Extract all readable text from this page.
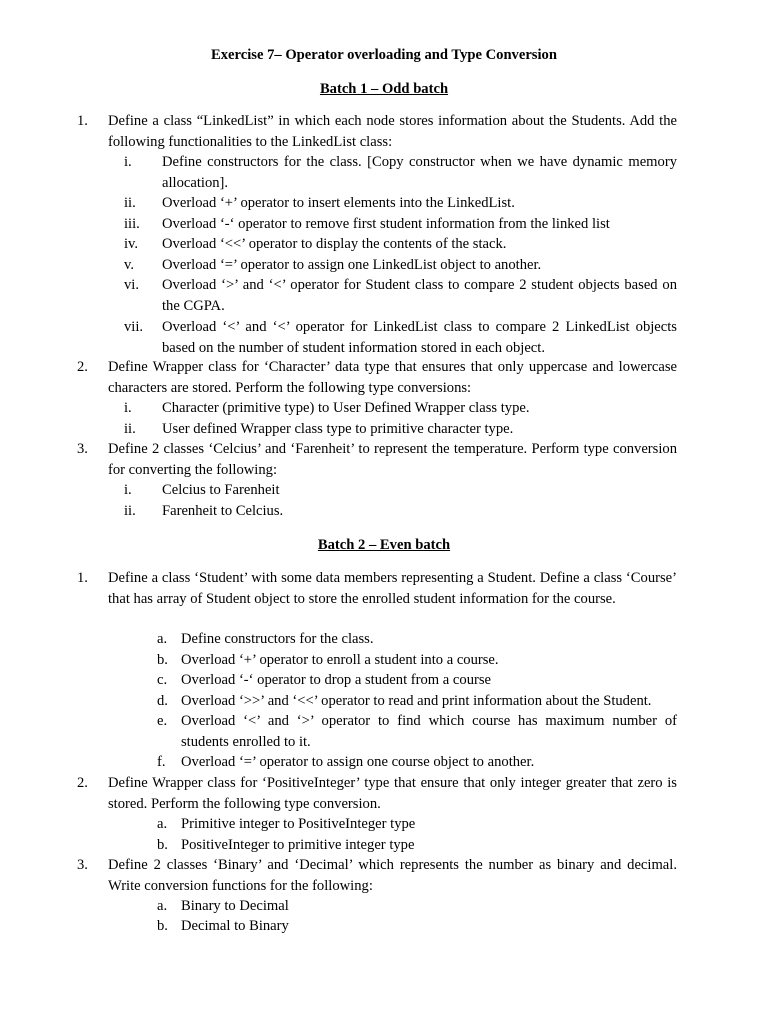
Exercise 7– Operator overloading and Type Conversion
Batch 1 – Odd batch
1.	Define a class “LinkedList” in which each node stores information about the Students. Add the following functionalities to the LinkedList class:
i.	Define constructors for the class. [Copy constructor when we have dynamic memory allocation].
ii.	Overload ‘+’ operator to insert elements into the LinkedList.
iii.	Overload ‘-‘ operator to remove first student information from the linked list
iv.	Overload ‘<<’ operator to display the contents of the stack.
v.	Overload ‘=’ operator to assign one LinkedList object to another.
vi.	Overload ‘>’ and ‘<’ operator for Student class to compare 2 student objects based on the CGPA.
vii.	Overload ‘<’ and ‘<’ operator for LinkedList class to compare 2 LinkedList objects based on the number of student information stored in each object.
2.	Define Wrapper class for ‘Character’ data type that ensures that only uppercase and lowercase characters are stored. Perform the following type conversions:
i.	Character (primitive type) to User Defined Wrapper class type.
ii.	User defined Wrapper class type to primitive character type.
3.	Define 2 classes ‘Celcius’ and ‘Farenheit’ to represent the temperature. Perform type conversion for converting the following:
i.	Celcius to Farenheit
ii.	Farenheit to Celcius.
Batch 2 – Even batch
1.	Define a class ‘Student’ with some data members representing a Student. Define a class ‘Course’ that has array of Student object to store the enrolled student information for the course.
a. Define constructors for the class.
b. Overload ‘+’ operator to enroll a student into a course.
c. Overload ‘-‘ operator to drop a student from a course
d. Overload ‘>>’ and ‘<<’ operator to read and print information about the Student.
e. Overload ‘<’ and ‘>’ operator to find which course has maximum number of students enrolled to it.
f.	Overload ‘=’ operator to assign one course object to another.
2.	Define Wrapper class for ‘PositiveInteger’ type that ensure that only integer greater that zero is stored. Perform the following type conversion.
a. Primitive integer to PositiveInteger type
b. PositiveInteger to primitive integer type
3.	Define 2 classes ‘Binary’ and ‘Decimal’ which represents the number as binary and decimal. Write conversion functions for the following:
a. Binary to Decimal
b. Decimal to Binary
